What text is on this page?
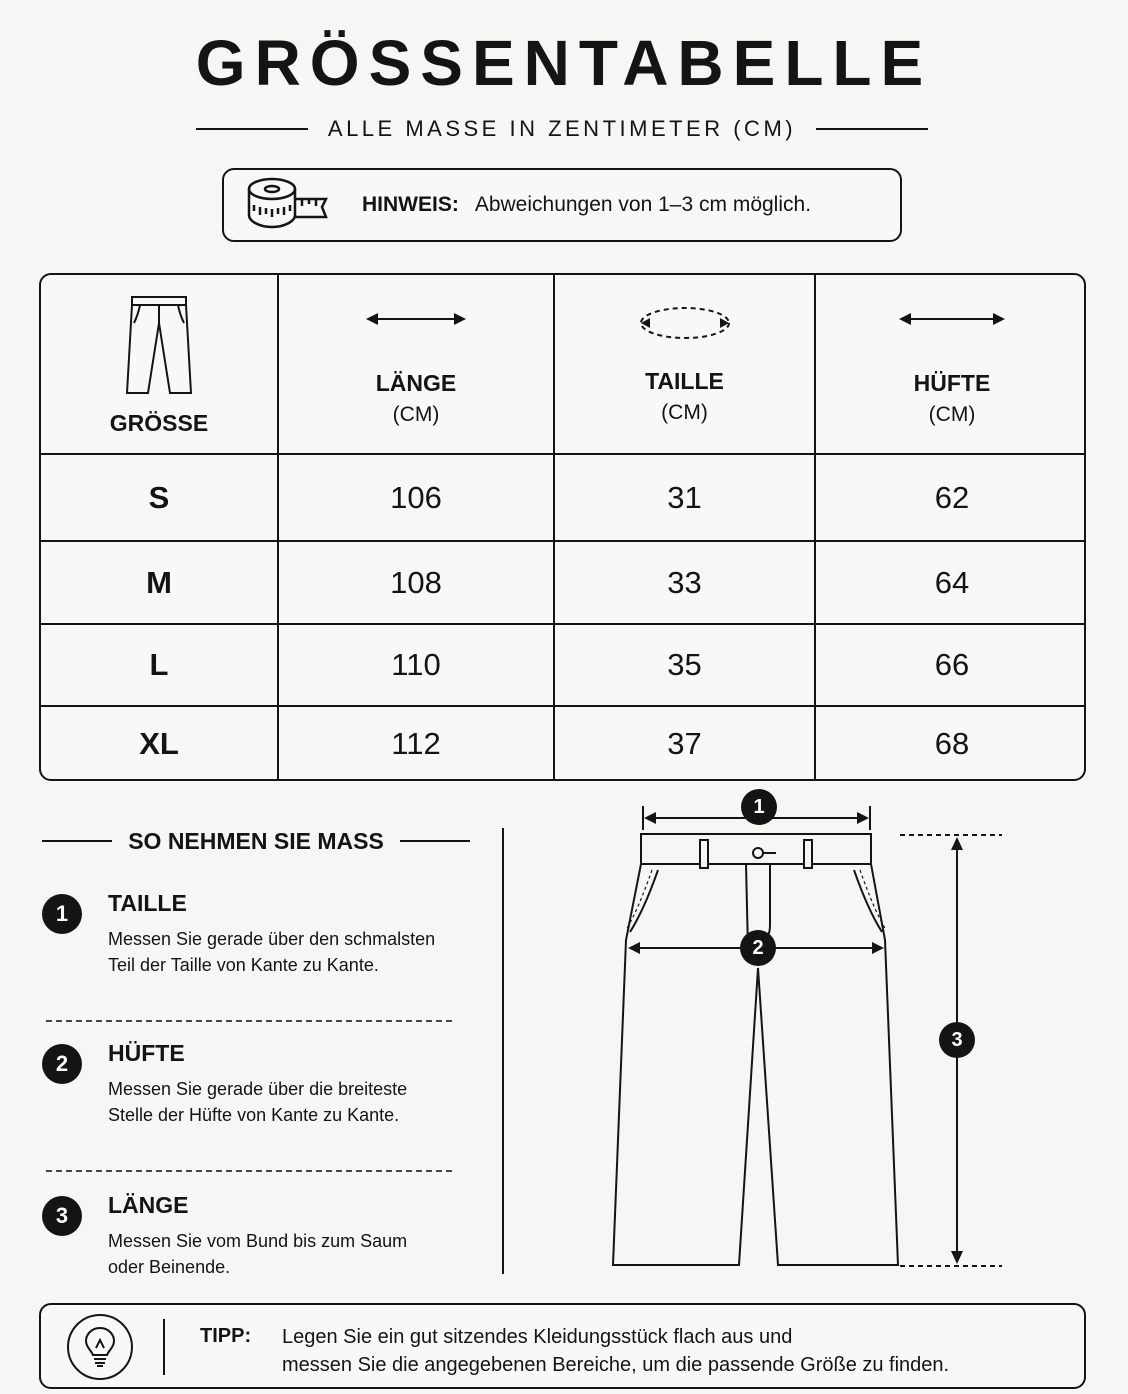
GRÖSSENTABELLE
ALLE MASSE IN ZENTIMETER (CM)
HINWEIS: Abweichungen von 1–3 cm möglich.
GRÖSSE
LÄNGE
(CM)
TAILLE
(CM)
HÜFTE
(CM)
S	106	31	62
M	108	33	64
L	110	35	66
XL	112	37	68
SO NEHMEN SIE MASS
1	TAILLE
Messen Sie gerade über den schmalsten Teil der Taille von Kante zu Kante.
2	HÜFTE
Messen Sie gerade über die breiteste Stelle der Hüfte von Kante zu Kante.
3	LÄNGE
Messen Sie vom Bund bis zum Saum oder Beinende.
1
2
3
TIPP: Legen Sie ein gut sitzendes Kleidungsstück flach aus und
messen Sie die angegebenen Bereiche, um die passende Größe zu finden.
